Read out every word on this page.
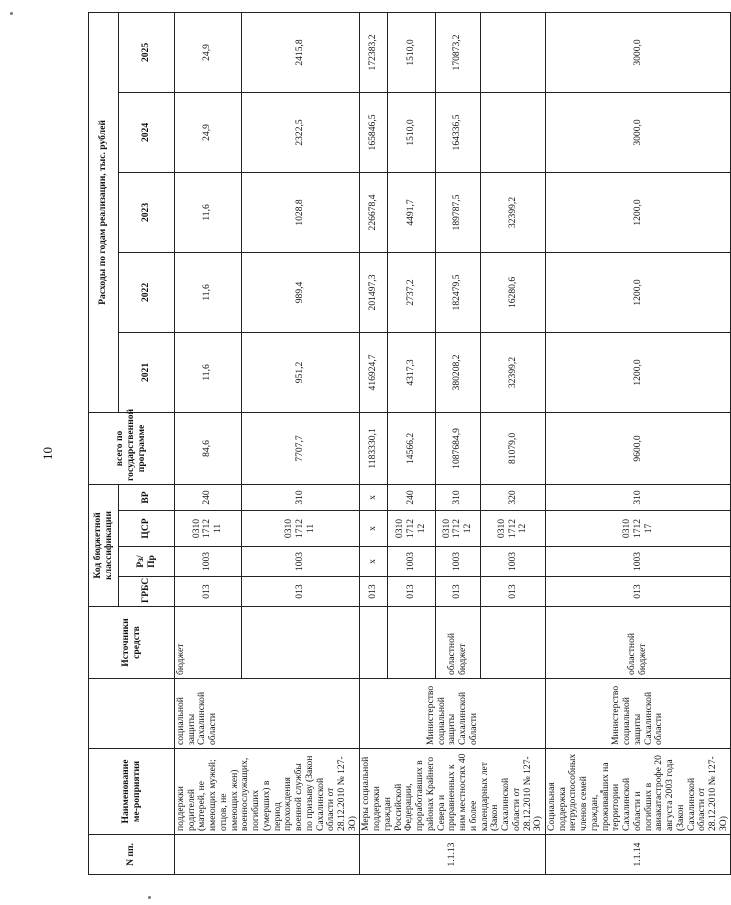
10
N пп.	Наименование ме-роприятия		Источники средств	Код бюджетной классификации				всего по государственной программе	Расходы по годам реализации, тыс. рублей				
				ГРБС	Рз/ Пр	ЦСР	ВР		2021	2022	2023	2024	2025
	поддержки родителей (матерей, не имеющих мужей; отцов, не имеющих жен) военнослужащих, погибших (умерших) в период прохождения военной службы по призыву (Закон Сахалинской области от 28.12.2010 № 127-ЗО)	социальной защиты Сахалинской области	бюджет	013	1003	0310 1712 11	240	84,6	11,6	11,6	11,6	24,9	24,9
				013	1003	0310 1712 11	310	7707,7	951,2	989,4	1028,8	2322,5	2415,8
1.1.13	Меры социальной поддержки граждан Российской Федерации, проработавших в районах Крайнего Севера и приравненных к ним местностях 40 и более календарных лет (Закон Сахалинской области от 28.12.2010 № 127-ЗО)	Министерство социальной защиты Сахалинской области		013	x	x	x	1183330,1	416924,7	201497,3	226678,4	165846,5	172383,2
				013	1003	0310 1712 12	240	14566,2	4317,3	2737,2	4491,7	1510,0	1510,0
			областной бюджет	013	1003	0310 1712 12	310	1087684,9	380208,2	182479,5	189787,5	164336,5	170873,2
				013	1003	0310 1712 12	320	81079,0	32399,2	16280,6	32399,2		
1.1.14	Социальная поддержка нетрудоспособных членов семей граждан, проживавших на территории Сахалинской области и погибших в авиакатастрофе 20 августа 2003 года (Закон Сахалинской области от 28.12.2010 № 127-ЗО)	Министерство социальной защиты Сахалинской области	областной бюджет	013	1003	0310 1712 17	310	9600,0	1200,0	1200,0	1200,0	3000,0	3000,0
